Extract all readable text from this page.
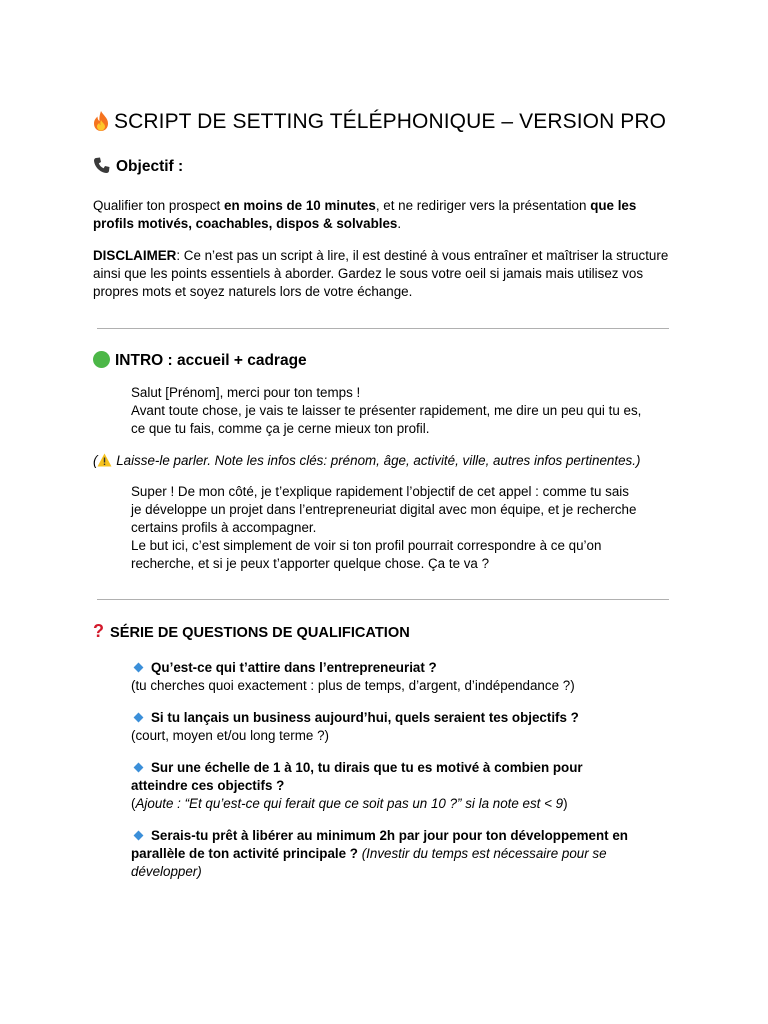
SCRIPT DE SETTING TÉLÉPHONIQUE – VERSION PRO
Objectif :

Qualifier ton prospect en moins de 10 minutes, et ne rediriger vers la présentation que les profils motivés, coachables, dispos & solvables.

DISCLAIMER: Ce n’est pas un script à lire, il est destiné à vous entraîner et maîtriser la structure ainsi que les points essentiels à aborder. Gardez le sous votre oeil si jamais mais utilisez vos propres mots et soyez naturels lors de votre échange.

INTRO : accueil + cadrage

Salut [Prénom], merci pour ton temps !

Avant toute chose, je vais te laisser te présenter rapidement, me dire un peu qui tu es, ce que tu fais, comme ça je cerne mieux ton profil.

( Laisse-le parler. Note les infos clés: prénom, âge, activité, ville, autres infos pertinentes.)

Super ! De mon côté, je t’explique rapidement l’objectif de cet appel : comme tu sais je développe un projet dans l’entrepreneuriat digital avec mon équipe, et je recherche certains profils à accompagner.

Le but ici, c’est simplement de voir si ton profil pourrait correspondre à ce qu’on recherche, et si je peux t’apporter quelque chose. Ça te va ?

? SÉRIE DE QUESTIONS DE QUALIFICATION

Qu’est-ce qui t’attire dans l’entrepreneuriat ?

(tu cherches quoi exactement : plus de temps, d’argent, d’indépendance ?)

Si tu lançais un business aujourd’hui, quels seraient tes objectifs ?

(court, moyen et/ou long terme ?)

Sur une échelle de 1 à 10, tu dirais que tu es motivé à combien pour atteindre ces objectifs ?

(Ajoute : “Et qu’est-ce qui ferait que ce soit pas un 10 ?” si la note est < 9)

Serais-tu prêt à libérer au minimum 2h par jour pour ton développement en parallèle de ton activité principale ? (Investir du temps est nécessaire pour se développer)
